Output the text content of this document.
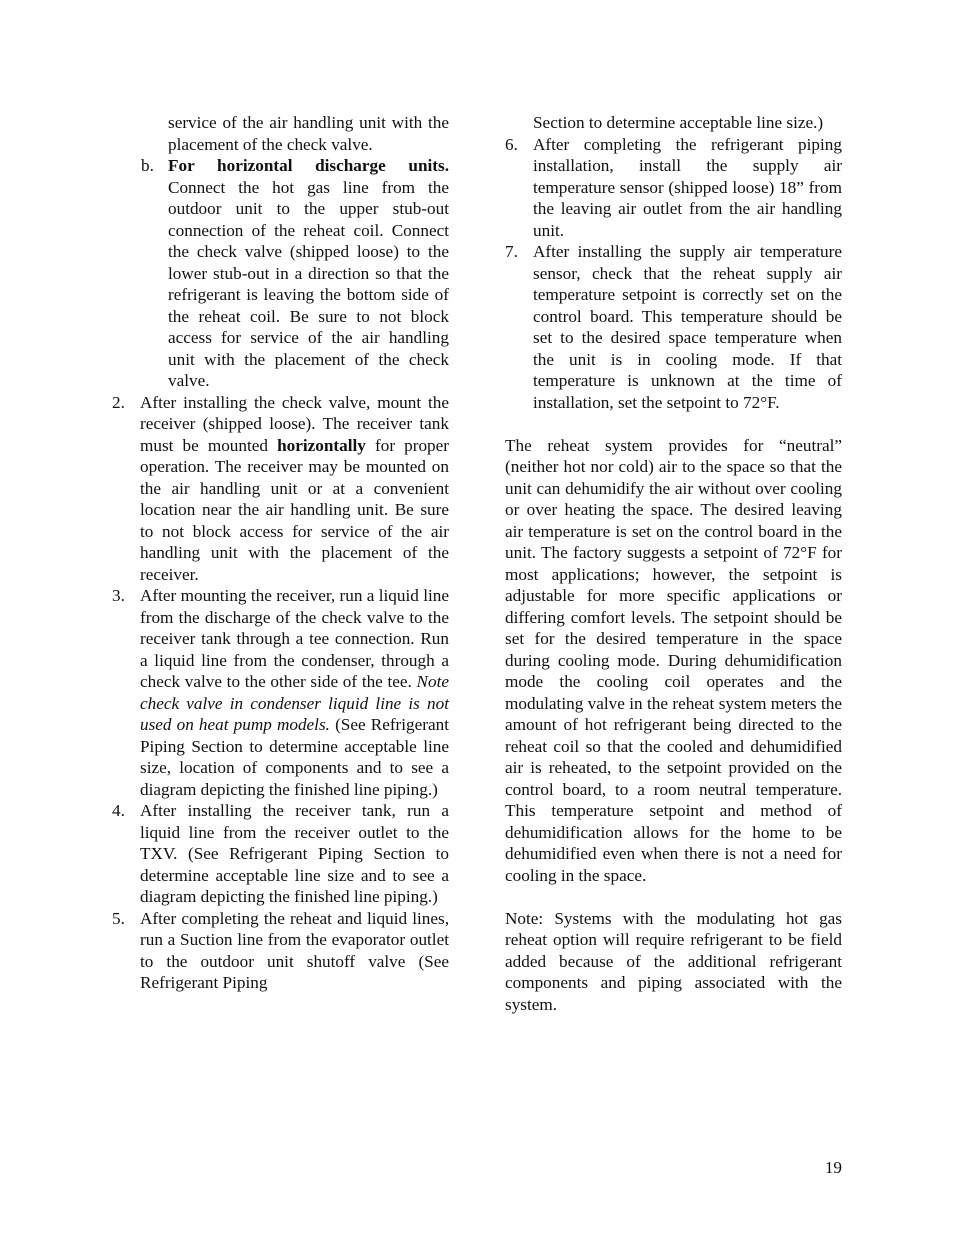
service of the air handling unit with the placement of the check valve.

b. For horizontal discharge units. Connect the hot gas line from the outdoor unit to the upper stub-out connection of the reheat coil. Connect the check valve (shipped loose) to the lower stub-out in a direction so that the refrigerant is leaving the bottom side of the reheat coil. Be sure to not block access for service of the air handling unit with the placement of the check valve.

2. After installing the check valve, mount the receiver (shipped loose). The receiver tank must be mounted horizontally for proper operation. The receiver may be mounted on the air handling unit or at a convenient location near the air handling unit. Be sure to not block access for service of the air handling unit with the placement of the receiver.

3. After mounting the receiver, run a liquid line from the discharge of the check valve to the receiver tank through a tee connection. Run a liquid line from the condenser, through a check valve to the other side of the tee. Note check valve in condenser liquid line is not used on heat pump models. (See Refrigerant Piping Section to determine acceptable line size, location of components and to see a diagram depicting the finished line piping.)

4. After installing the receiver tank, run a liquid line from the receiver outlet to the TXV. (See Refrigerant Piping Section to determine acceptable line size and to see a diagram depicting the finished line piping.)

5. After completing the reheat and liquid lines, run a Suction line from the evaporator outlet to the outdoor unit shutoff valve (See Refrigerant Piping

Section to determine acceptable line size.)

6. After completing the refrigerant piping installation, install the supply air temperature sensor (shipped loose) 18” from the leaving air outlet from the air handling unit.

7. After installing the supply air temperature sensor, check that the reheat supply air temperature setpoint is correctly set on the control board. This temperature should be set to the desired space temperature when the unit is in cooling mode. If that temperature is unknown at the time of installation, set the setpoint to 72°F.

The reheat system provides for “neutral” (neither hot nor cold) air to the space so that the unit can dehumidify the air without over cooling or over heating the space. The desired leaving air temperature is set on the control board in the unit. The factory suggests a setpoint of 72°F for most applications; however, the setpoint is adjustable for more specific applications or differing comfort levels. The setpoint should be set for the desired temperature in the space during cooling mode. During dehumidification mode the cooling coil operates and the modulating valve in the reheat system meters the amount of hot refrigerant being directed to the reheat coil so that the cooled and dehumidified air is reheated, to the setpoint provided on the control board, to a room neutral temperature. This temperature setpoint and method of dehumidification allows for the home to be dehumidified even when there is not a need for cooling in the space.

Note: Systems with the modulating hot gas reheat option will require refrigerant to be field added because of the additional refrigerant components and piping associated with the system.

19
